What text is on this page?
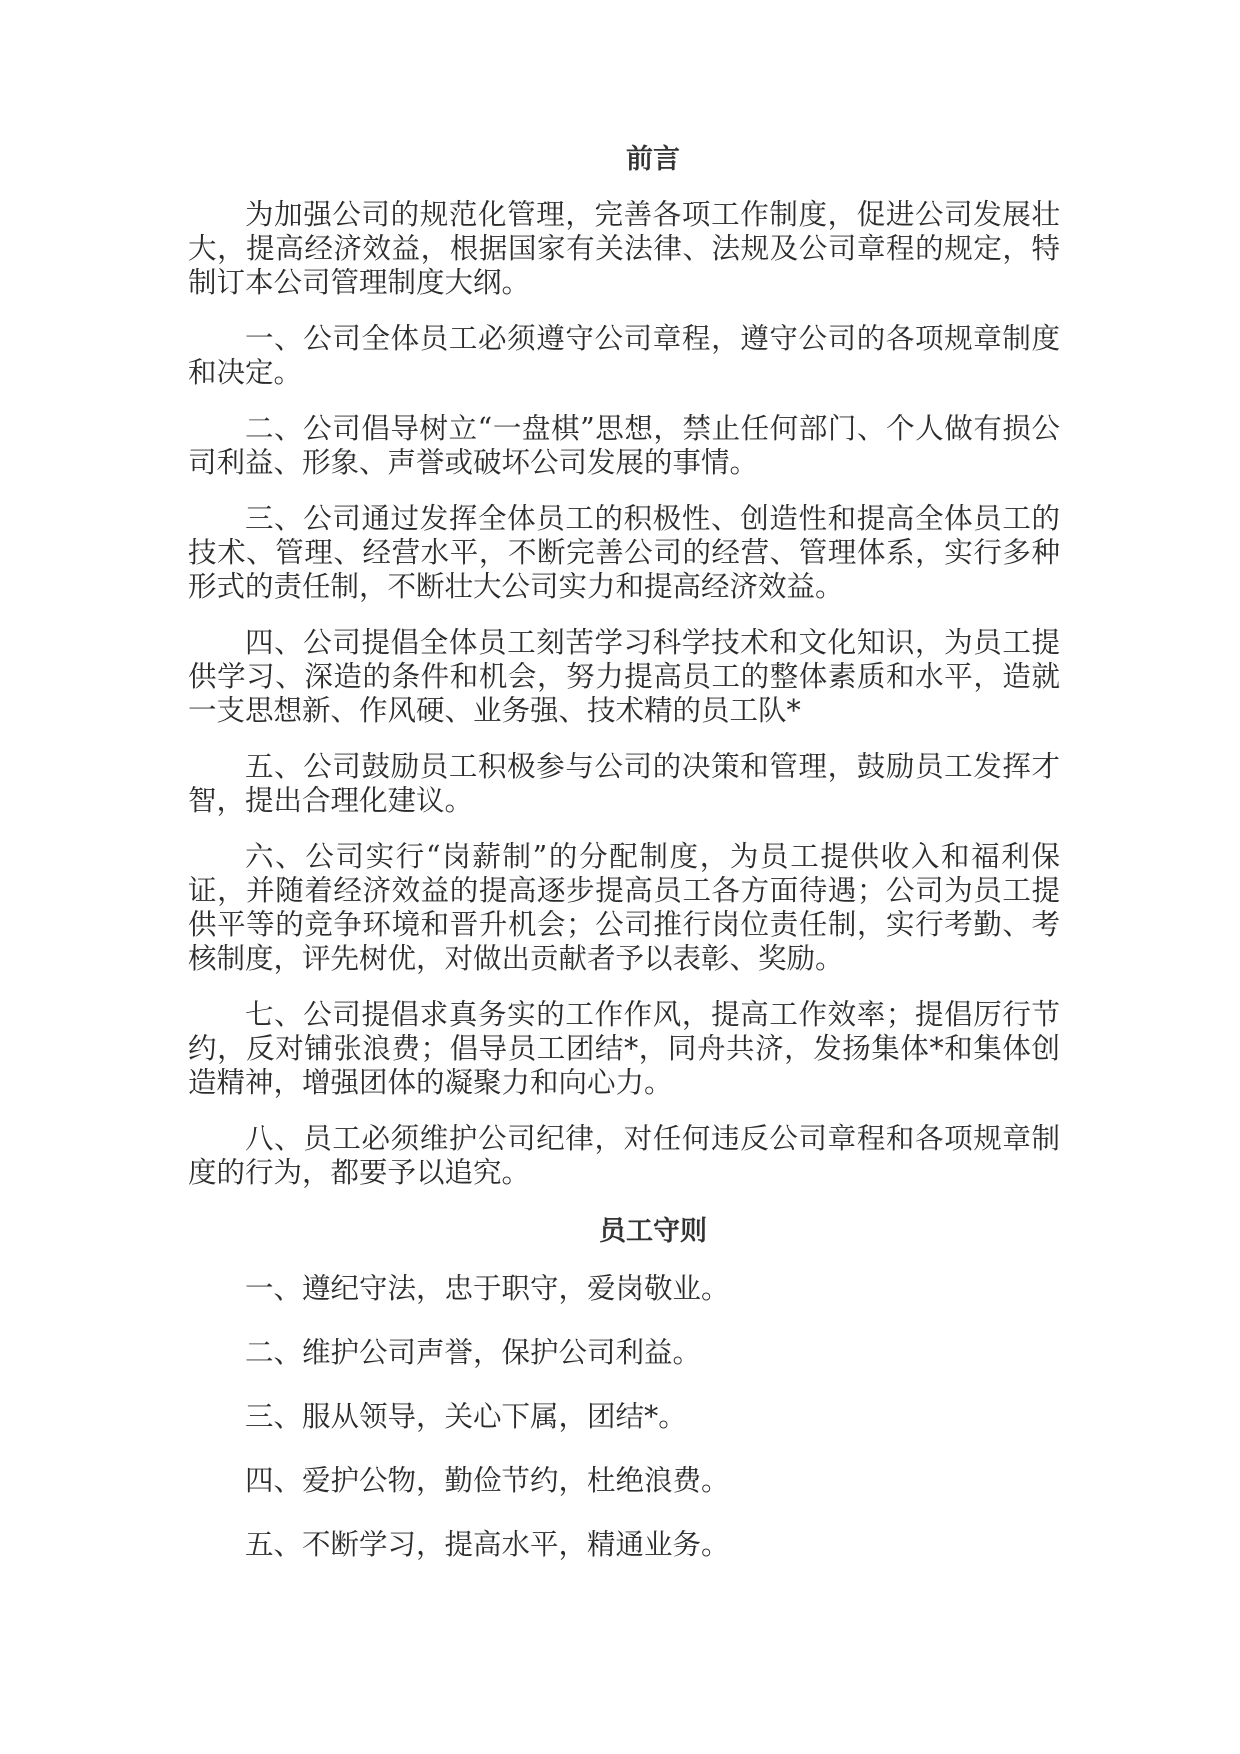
前言

为加强公司的规范化管理，完善各项工作制度，促进公司发展壮大，提高经济效益，根据国家有关法律、法规及公司章程的规定，特制订本公司管理制度大纲。

一、公司全体员工必须遵守公司章程，遵守公司的各项规章制度和决定。

二、公司倡导树立“一盘棋”思想，禁止任何部门、个人做有损公司利益、形象、声誉或破坏公司发展的事情。

三、公司通过发挥全体员工的积极性、创造性和提高全体员工的技术、管理、经营水平，不断完善公司的经营、管理体系，实行多种形式的责任制，不断壮大公司实力和提高经济效益。

四、公司提倡全体员工刻苦学习科学技术和文化知识，为员工提供学习、深造的条件和机会，努力提高员工的整体素质和水平，造就一支思想新、作风硬、业务强、技术精的员工队*

五、公司鼓励员工积极参与公司的决策和管理，鼓励员工发挥才智，提出合理化建议。

六、公司实行“岗薪制”的分配制度，为员工提供收入和福利保证，并随着经济效益的提高逐步提高员工各方面待遇；公司为员工提供平等的竞争环境和晋升机会；公司推行岗位责任制，实行考勤、考核制度，评先树优，对做出贡献者予以表彰、奖励。

七、公司提倡求真务实的工作作风，提高工作效率；提倡厉行节约，反对铺张浪费；倡导员工团结*，同舟共济，发扬集体*和集体创造精神，增强团体的凝聚力和向心力。

八、员工必须维护公司纪律，对任何违反公司章程和各项规章制度的行为，都要予以追究。

员工守则

一、遵纪守法，忠于职守，爱岗敬业。

二、维护公司声誉，保护公司利益。

三、服从领导，关心下属，团结*。

四、爱护公物，勤俭节约，杜绝浪费。

五、不断学习，提高水平，精通业务。
